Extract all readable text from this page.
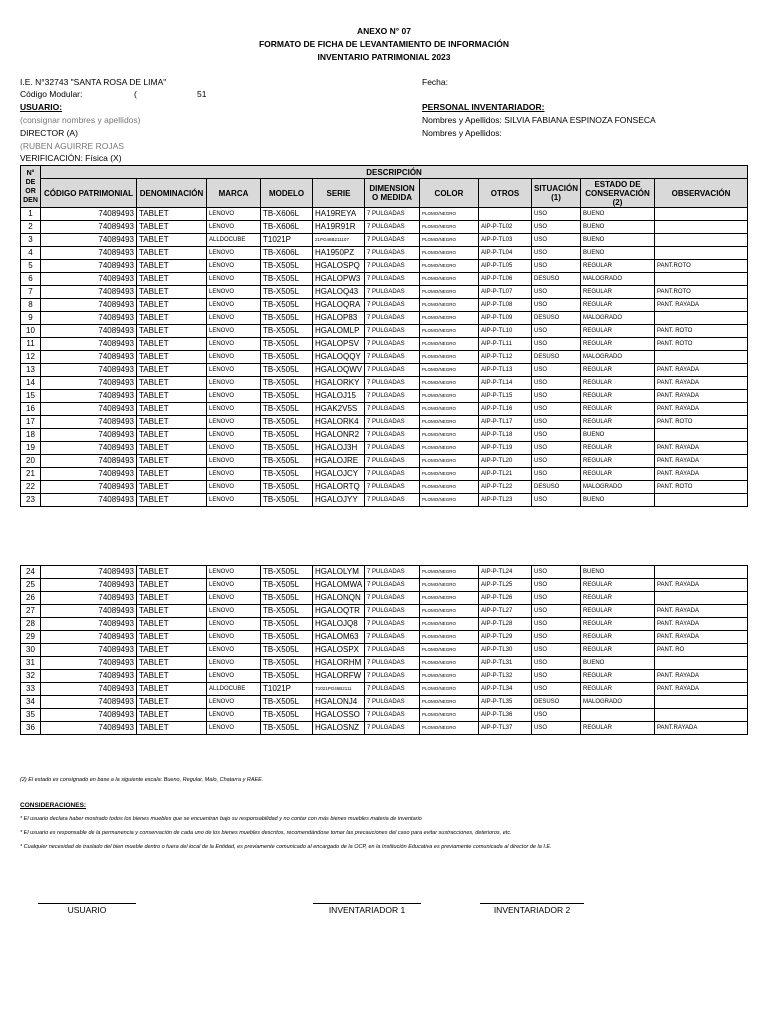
ANEXO N° 07
FORMATO DE FICHA DE LEVANTAMIENTO DE INFORMACIÓN
INVENTARIO PATRIMONIAL 2023
I.E. N°32743 "SANTA ROSA DE LIMA"	Fecha:
Código Modular:	(	51
USUARIO:	PERSONAL INVENTARIADOR:
(consignar nombres y apellidos)	Nombres y Apellidos: SILVIA FABIANA ESPINOZA FONSECA
DIRECTOR (A)	Nombres y Apellidos:
(RUBEN AGUIRRE ROJAS
VERIFICACIÓN: Física (X)
N° DE OR DEN	DESCRIPCIÓN										
	CÓDIGO PATRIMONIAL	DENOMINACIÓN	MARCA	MODELO	SERIE	DIMENSION O MEDIDA	COLOR	OTROS	SITUACIÓN (1)	ESTADO DE CONSERVACIÓN (2)	OBSERVACIÓN
1	74089493	TABLET	LENOVO	TB-X606L	HA19REYA	7 PULGADAS	PLOMO/NEGRO		USO	BUENO	
2	74089493	TABLET	LENOVO	TB-X606L	HA19R91R	7 PULGADAS	PLOMO/NEGRO	AIP-P-TL02	USO	BUENO	
3	74089493	TABLET	ALLDOCUBE	T1021P	21PG46B211107	7 PULGADAS	PLOMO/NEGRO	AIP-P-TL03	USO	BUENO	
4	74089493	TABLET	LENOVO	TB-X606L	HA1950PZ	7 PULGADAS	PLOMO/NEGRO	AIP-P-TL04	USO	BUENO	
5	74089493	TABLET	LENOVO	TB-X505L	HGALOSPQ	7 PULGADAS	PLOMO/NEGRO	AIP-P-TL05	USO	REGULAR	PANT.ROTO
6	74089493	TABLET	LENOVO	TB-X505L	HGALOPW3	7 PULGADAS	PLOMO/NEGRO	AIP-P-TL06	DESUSO	MALOGRADO	
7	74089493	TABLET	LENOVO	TB-X505L	HGALOQ43	7 PULGADAS	PLOMO/NEGRO	AIP-P-TL07	USO	REGULAR	PANT.ROTO
8	74089493	TABLET	LENOVO	TB-X505L	HGALOQRA	7 PULGADAS	PLOMO/NEGRO	AIP-P-TL08	USO	REGULAR	PANT. RAYADA
9	74089493	TABLET	LENOVO	TB-X505L	HGALOP83	7 PULGADAS	PLOMO/NEGRO	AIP-P-TL09	DESUSO	MALOGRADO	
10	74089493	TABLET	LENOVO	TB-X505L	HGALOMLP	7 PULGADAS	PLOMO/NEGRO	AIP-P-TL10	USO	REGULAR	PANT. ROTO
11	74089493	TABLET	LENOVO	TB-X505L	HGALOPSV	7 PULGADAS	PLOMO/NEGRO	AIP-P-TL11	USO	REGULAR	PANT. ROTO
12	74089493	TABLET	LENOVO	TB-X505L	HGALOQQY	7 PULGADAS	PLOMO/NEGRO	AIP-P-TL12	DESUSO	MALOGRADO	
13	74089493	TABLET	LENOVO	TB-X505L	HGALOQWV	7 PULGADAS	PLOMO/NEGRO	AIP-P-TL13	USO	REGULAR	PANT. RAYADA
14	74089493	TABLET	LENOVO	TB-X505L	HGALORKY	7 PULGADAS	PLOMO/NEGRO	AIP-P-TL14	USO	REGULAR	PANT. RAYADA
15	74089493	TABLET	LENOVO	TB-X505L	HGALOJ15	7 PULGADAS	PLOMO/NEGRO	AIP-P-TL15	USO	REGULAR	PANT. RAYADA
16	74089493	TABLET	LENOVO	TB-X505L	HGAK2V5S	7 PULGADAS	PLOMO/NEGRO	AIP-P-TL16	USO	REGULAR	PANT. RAYADA
17	74089493	TABLET	LENOVO	TB-X505L	HGALORK4	7 PULGADAS	PLOMO/NEGRO	AIP-P-TL17	USO	REGULAR	PANT. ROTO
18	74089493	TABLET	LENOVO	TB-X505L	HGALONR2	7 PULGADAS	PLOMO/NEGRO	AIP-P-TL18	USO	BUENO	
19	74089493	TABLET	LENOVO	TB-X505L	HGALOJ3H	7 PULGADAS	PLOMO/NEGRO	AIP-P-TL19	USO	REGULAR	PANT. RAYADA
20	74089493	TABLET	LENOVO	TB-X505L	HGALOJRE	7 PULGADAS	PLOMO/NEGRO	AIP-P-TL20	USO	REGULAR	PANT. RAYADA
21	74089493	TABLET	LENOVO	TB-X505L	HGALOJCY	7 PULGADAS	PLOMO/NEGRO	AIP-P-TL21	USO	REGULAR	PANT. RAYADA
22	74089493	TABLET	LENOVO	TB-X505L	HGALORTQ	7 PULGADAS	PLOMO/NEGRO	AIP-P-TL22	DESUSO	MALOGRADO	PANT. ROTO
23	74089493	TABLET	LENOVO	TB-X505L	HGALOJYY	7 PULGADAS	PLOMO/NEGRO	AIP-P-TL23	USO	BUENO	
24	74089493	TABLET	LENOVO	TB-X505L	HGALOLYM	7 PULGADAS	PLOMO/NEGRO	AIP-P-TL24	USO	BUENO	
25	74089493	TABLET	LENOVO	TB-X505L	HGALOMWA	7 PULGADAS	PLOMO/NEGRO	AIP-P-TL25	USO	REGULAR	PANT. RAYADA
26	74089493	TABLET	LENOVO	TB-X505L	HGALONQN	7 PULGADAS	PLOMO/NEGRO	AIP-P-TL26	USO	REGULAR	
27	74089493	TABLET	LENOVO	TB-X505L	HGALOQTR	7 PULGADAS	PLOMO/NEGRO	AIP-P-TL27	USO	REGULAR	PANT. RAYADA
28	74089493	TABLET	LENOVO	TB-X505L	HGALOJQ8	7 PULGADAS	PLOMO/NEGRO	AIP-P-TL28	USO	REGULAR	PANT. RAYADA
29	74089493	TABLET	LENOVO	TB-X505L	HGALOM63	7 PULGADAS	PLOMO/NEGRO	AIP-P-TL29	USO	REGULAR	PANT. RAYADA
30	74089493	TABLET	LENOVO	TB-X505L	HGALOSPX	7 PULGADAS	PLOMO/NEGRO	AIP-P-TL30	USO	REGULAR	PANT. RO
31	74089493	TABLET	LENOVO	TB-X505L	HGALORHM	7 PULGADAS	PLOMO/NEGRO	AIP-P-TL31	USO	BUENO	
32	74089493	TABLET	LENOVO	TB-X505L	HGALORFW	7 PULGADAS	PLOMO/NEGRO	AIP-P-TL32	USO	REGULAR	PANT. RAYADA
33	74089493	TABLET	ALLDOCUBE	T1021P	T1021PG46B2111	7 PULGADAS	PLOMO/NEGRO	AIP-P-TL34	USO	REGULAR	PANT. RAYADA
34	74089493	TABLET	LENOVO	TB-X505L	HGALONJ4	7 PULGADAS	PLOMO/NEGRO	AIP-P-TL35	DESUSO	MALOGRADO	
35	74089493	TABLET	LENOVO	TB-X505L	HGALOSSO	7 PULGADAS	PLOMO/NEGRO	AIP-P-TL36	USO		
36	74089493	TABLET	LENOVO	TB-X505L	HGALOSNZ	7 PULGADAS	PLOMO/NEGRO	AIP-P-TL37	USO	REGULAR	PANT.RAYADA
(2) El estado es consignado en base a la siguiente escala: Bueno, Regular, Malo, Chatarra y RAEE.
CONSIDERACIONES:
* El usuario declara haber mostrado todos los bienes muebles que se encuentran bajo su responsabilidad y no contar con más bienes muebles materia de inventario
* El usuario es responsable de la permanencia y conservación de cada uno de los bienes muebles descritos, recomendándose tomar las precauciones del caso para evitar sustracciones, deterioros, etc.
* Cualquier necesidad de traslado del bien mueble dentro o fuera del local de la Entidad, es previamente comunicado al encargado de la OCP, en la Institución Educativa es previamente comunicada al director de la I.E.
USUARIO	INVENTARIADOR 1	INVENTARIADOR 2
